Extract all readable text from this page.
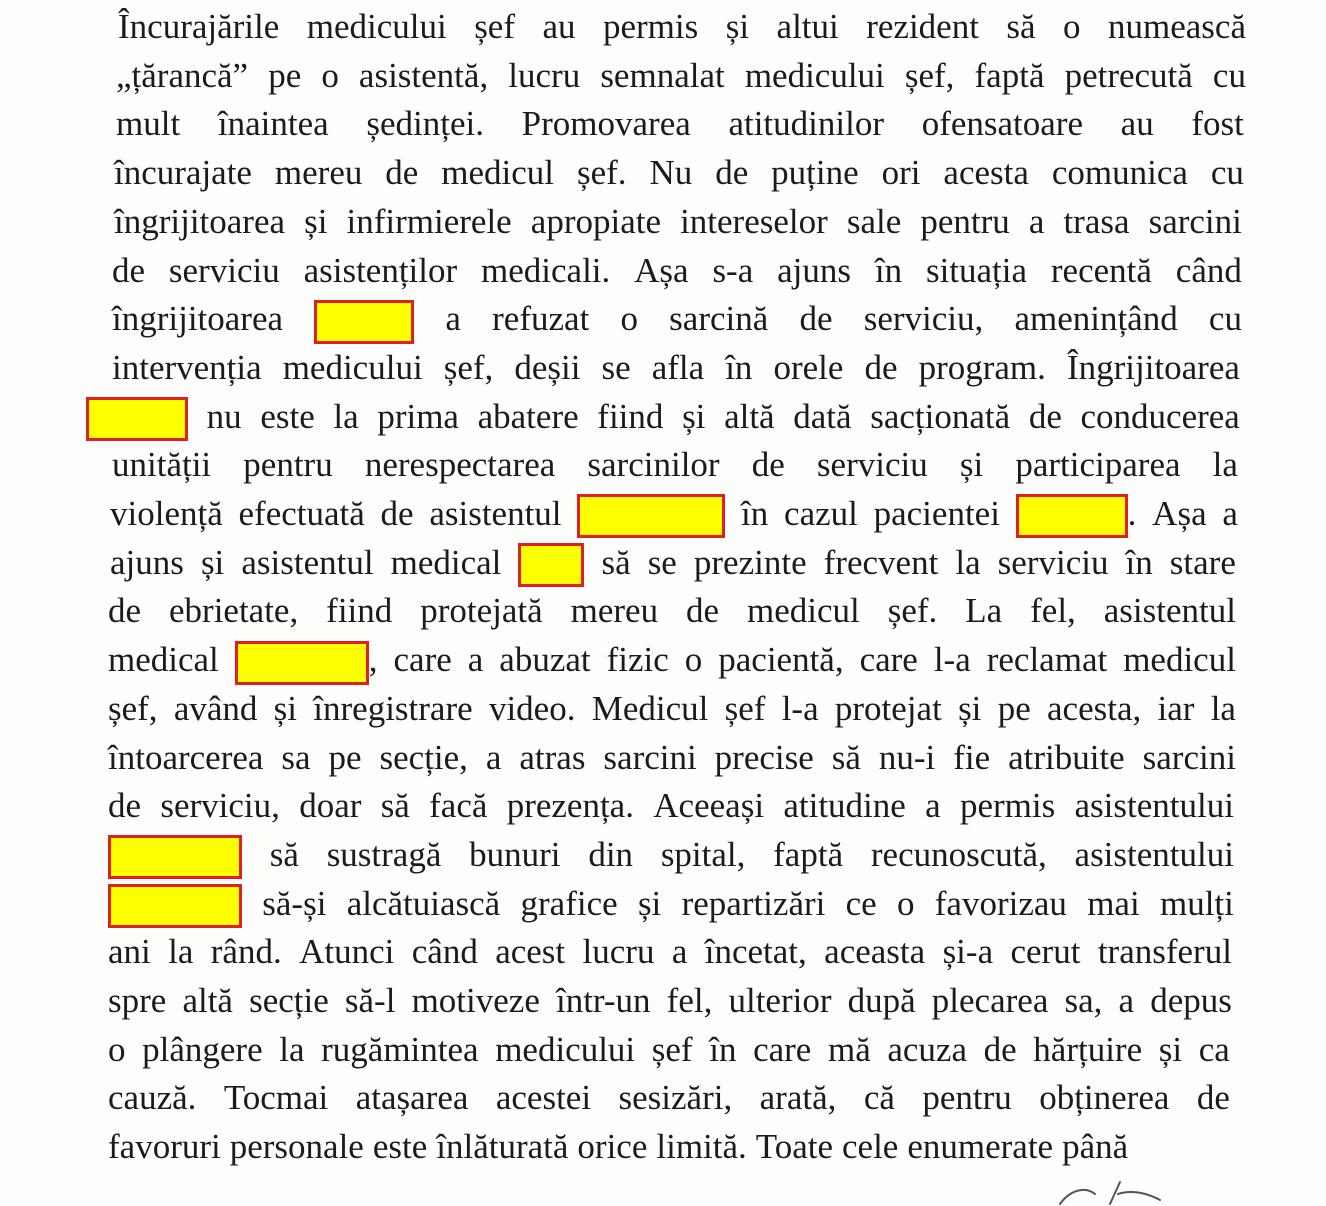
Încurajările medicului șef au permis și altui rezident să o numească
„țărancă” pe o asistentă, lucru semnalat medicului șef, faptă petrecută cu
mult înaintea ședinței. Promovarea atitudinilor ofensatoare au fost
încurajate mereu de medicul șef. Nu de puține ori acesta comunica cu
îngrijitoarea și infirmierele apropiate intereselor sale pentru a trasa sarcini
de serviciu asistenților medicali. Așa s-a ajuns în situația recentă când
îngrijitoarea	a refuzat o sarcină de serviciu, amenințând cu
intervenția medicului șef, deșii se afla în orele de program. Îngrijitoarea
nu este la prima abatere fiind și altă dată sacționată de conducerea
unității pentru nerespectarea sarcinilor de serviciu și participarea la
violență efectuată de asistentul	în cazul pacientei	. Așa a
ajuns și asistentul medical	să se prezinte frecvent la serviciu în stare
de ebrietate, fiind protejată mereu de medicul șef. La fel, asistentul
medical	, care a abuzat fizic o pacientă, care l-a reclamat medicul
șef, având și înregistrare video. Medicul șef l-a protejat și pe acesta, iar la
întoarcerea sa pe secție, a atras sarcini precise să nu-i fie atribuite sarcini
de serviciu, doar să facă prezența. Aceeași atitudine a permis asistentului
să sustragă bunuri din spital, faptă recunoscută, asistentului
să-și alcătuiască grafice și repartizări ce o favorizau mai mulți
ani la rând. Atunci când acest lucru a încetat, aceasta și-a cerut transferul
spre altă secție să-l motiveze într-un fel, ulterior după plecarea sa, a depus
o plângere la rugămintea medicului șef în care mă acuza de hărțuire și ca
cauză. Tocmai atașarea acestei sesizări, arată, că pentru obținerea de
favoruri personale este înlăturată orice limită. Toate cele enumerate până
